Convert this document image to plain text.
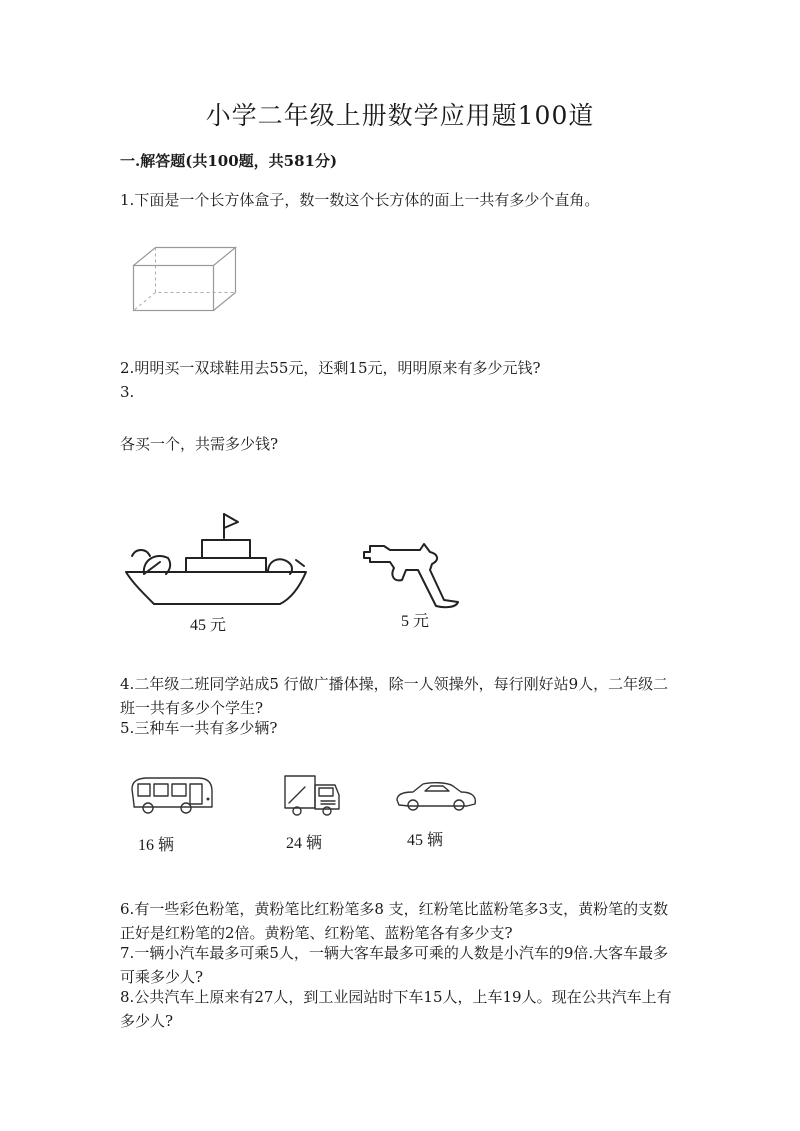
小学二年级上册数学应用题100道
一.解答题(共100题，共581分)
1.下面是一个长方体盒子，数一数这个长方体的面上一共有多少个直角。
2.明明买一双球鞋用去55元，还剩15元，明明原来有多少元钱?
3.
各买一个，共需多少钱?
45 元	5 元
4.二年级二班同学站成5 行做广播体操，除一人领操外，每行刚好站9人，二年级二班一共有多少个学生?
5.三种车一共有多少辆?
16 辆	24 辆	45 辆
6.有一些彩色粉笔，黄粉笔比红粉笔多8 支，红粉笔比蓝粉笔多3支，黄粉笔的支数正好是红粉笔的2倍。黄粉笔、红粉笔、蓝粉笔各有多少支?
7.一辆小汽车最多可乘5人，一辆大客车最多可乘的人数是小汽车的9倍.大客车最多可乘多少人?
8.公共汽车上原来有27人，到工业园站时下车15人，上车19人。现在公共汽车上有多少人?
